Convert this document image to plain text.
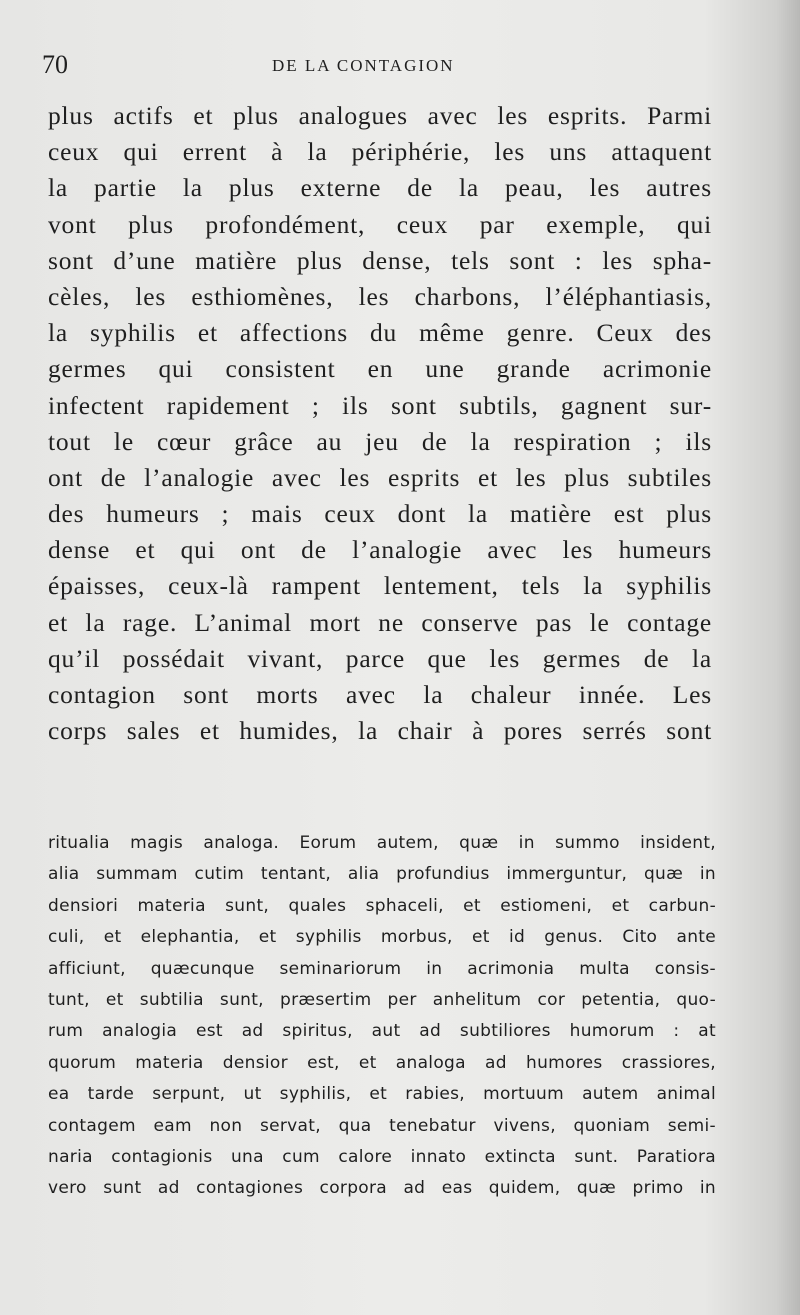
70	DE LA CONTAGION
plus actifs et plus analogues avec les esprits. Parmi
ceux qui errent à la périphérie, les uns attaquent
la partie la plus externe de la peau, les autres
vont plus profondément, ceux par exemple, qui
sont d’une matière plus dense, tels sont : les spha-
cèles, les esthiomènes, les charbons, l’éléphantiasis,
la syphilis et affections du même genre. Ceux des
germes qui consistent en une grande acrimonie
infectent rapidement ; ils sont subtils, gagnent sur-
tout le cœur grâce au jeu de la respiration ; ils
ont de l’analogie avec les esprits et les plus subtiles
des humeurs ; mais ceux dont la matière est plus
dense et qui ont de l’analogie avec les humeurs
épaisses, ceux-là rampent lentement, tels la syphilis
et la rage. L’animal mort ne conserve pas le contage
qu’il possédait vivant, parce que les germes de la
contagion sont morts avec la chaleur innée. Les
corps sales et humides, la chair à pores serrés sont
ritualia magis analoga. Eorum autem, quæ in summo insident,
alia summam cutim tentant, alia profundius immerguntur, quæ in
densiori materia sunt, quales sphaceli, et estiomeni, et carbun-
culi, et elephantia, et syphilis morbus, et id genus. Cito ante
afficiunt, quæcunque seminariorum in acrimonia multa consis-
tunt, et subtilia sunt, præsertim per anhelitum cor petentia, quo-
rum analogia est ad spiritus, aut ad subtiliores humorum : at
quorum materia densior est, et analoga ad humores crassiores,
ea tarde serpunt, ut syphilis, et rabies, mortuum autem animal
contagem eam non servat, qua tenebatur vivens, quoniam semi-
naria contagionis una cum calore innato extincta sunt. Paratiora
vero sunt ad contagiones corpora ad eas quidem, quæ primo in
